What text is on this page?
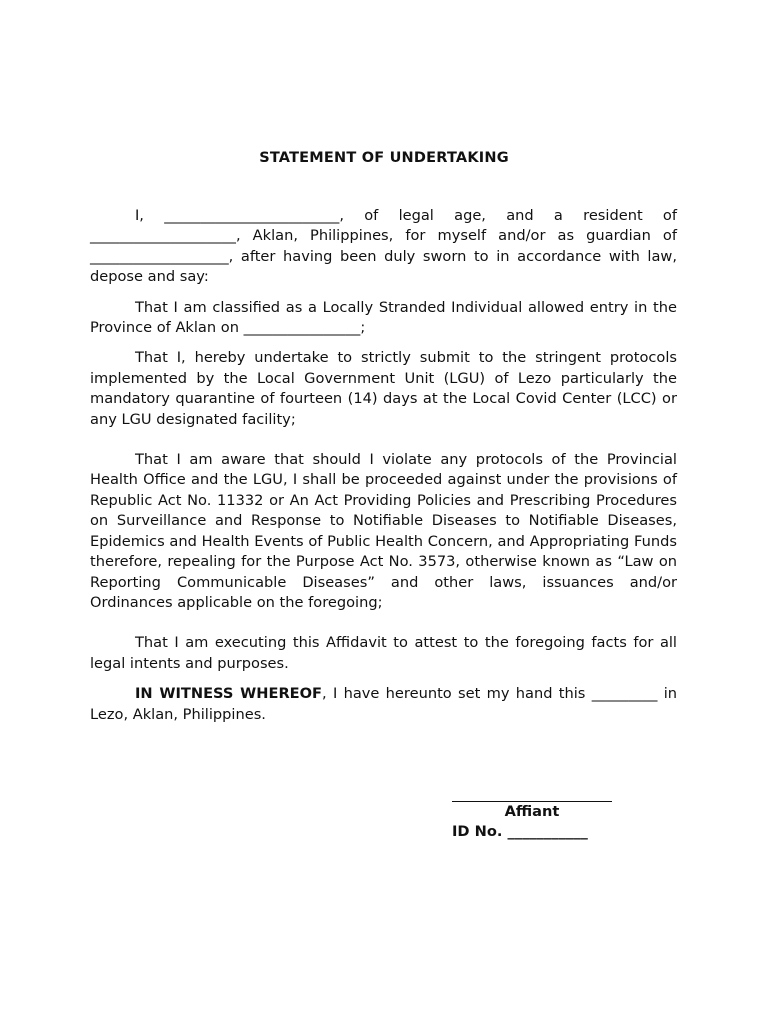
STATEMENT OF UNDERTAKING

I, ________________________, of legal age, and a resident of ____________________, Aklan, Philippines, for myself and/or as guardian of ___________________, after having been duly sworn to in accordance with law, depose and say:

That I am classified as a Locally Stranded Individual allowed entry in the Province of Aklan on ________________;

That I, hereby undertake to strictly submit to the stringent protocols implemented by the Local Government Unit (LGU) of Lezo particularly the mandatory quarantine of fourteen (14) days at the Local Covid Center (LCC) or any LGU designated facility;

That I am aware that should I violate any protocols of the Provincial Health Office and the LGU, I shall be proceeded against under the provisions of Republic Act No. 11332 or An Act Providing Policies and Prescribing Procedures on Surveillance and Response to Notifiable Diseases to Notifiable Diseases, Epidemics and Health Events of Public Health Concern, and Appropriating Funds therefore, repealing for the Purpose Act No. 3573, otherwise known as “Law on Reporting Communicable Diseases” and other laws, issuances and/or Ordinances applicable on the foregoing;

That I am executing this Affidavit to attest to the foregoing facts for all legal intents and purposes.

IN WITNESS WHEREOF, I have hereunto set my hand this _________ in Lezo, Aklan, Philippines.

Affiant
ID No. ___________
